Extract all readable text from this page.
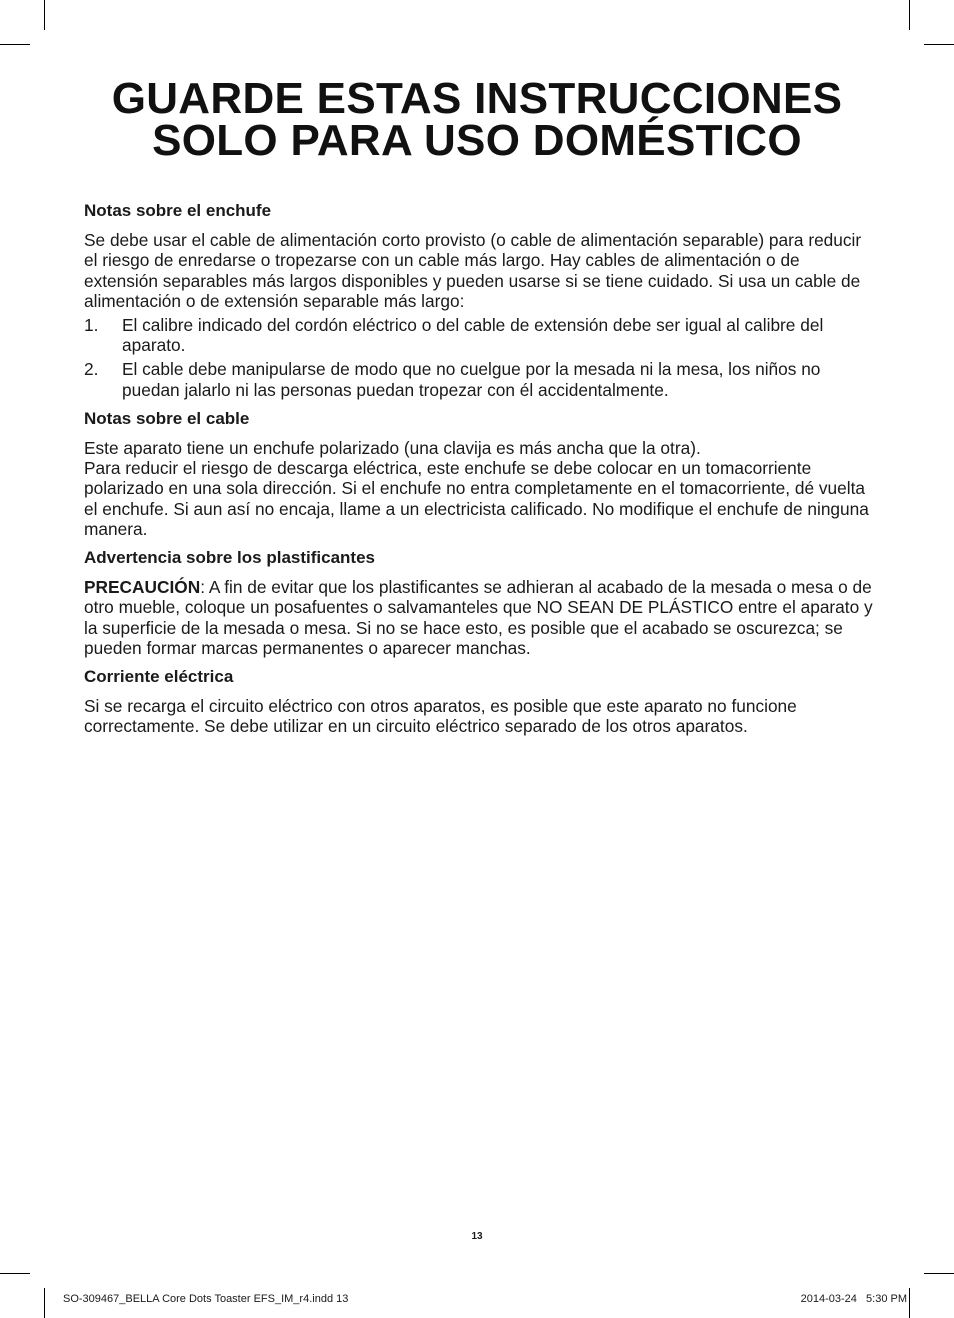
GUARDE ESTAS INSTRUCCIONES
SOLO PARA USO DOMÉSTICO
Notas sobre el enchufe
Se debe usar el cable de alimentación corto provisto (o cable de alimentación separable) para reducir el riesgo de enredarse o tropezarse con un cable más largo. Hay cables de alimentación o de extensión separables más largos disponibles y pueden usarse si se tiene cuidado. Si usa un cable de alimentación o de extensión separable más largo:
1. El calibre indicado del cordón eléctrico o del cable de extensión debe ser igual al calibre del aparato.
2. El cable debe manipularse de modo que no cuelgue por la mesada ni la mesa, los niños no puedan jalarlo ni las personas puedan tropezar con él accidentalmente.
Notas sobre el cable
Este aparato tiene un enchufe polarizado (una clavija es más ancha que la otra).
Para reducir el riesgo de descarga eléctrica, este enchufe se debe colocar en un tomacorriente polarizado en una sola dirección. Si el enchufe no entra completamente en el tomacorriente, dé vuelta el enchufe. Si aun así no encaja, llame a un electricista calificado. No modifique el enchufe de ninguna manera.
Advertencia sobre los plastificantes
PRECAUCIÓN: A fin de evitar que los plastificantes se adhieran al acabado de la mesada o mesa o de otro mueble, coloque un posafuentes o salvamanteles que NO SEAN DE PLÁSTICO entre el aparato y la superficie de la mesada o mesa. Si no se hace esto, es posible que el acabado se oscurezca; se pueden formar marcas permanentes o aparecer manchas.
Corriente eléctrica
Si se recarga el circuito eléctrico con otros aparatos, es posible que este aparato no funcione correctamente. Se debe utilizar en un circuito eléctrico separado de los otros aparatos.
13
SO-309467_BELLA Core Dots Toaster EFS_IM_r4.indd 13	2014-03-24   5:30 PM
